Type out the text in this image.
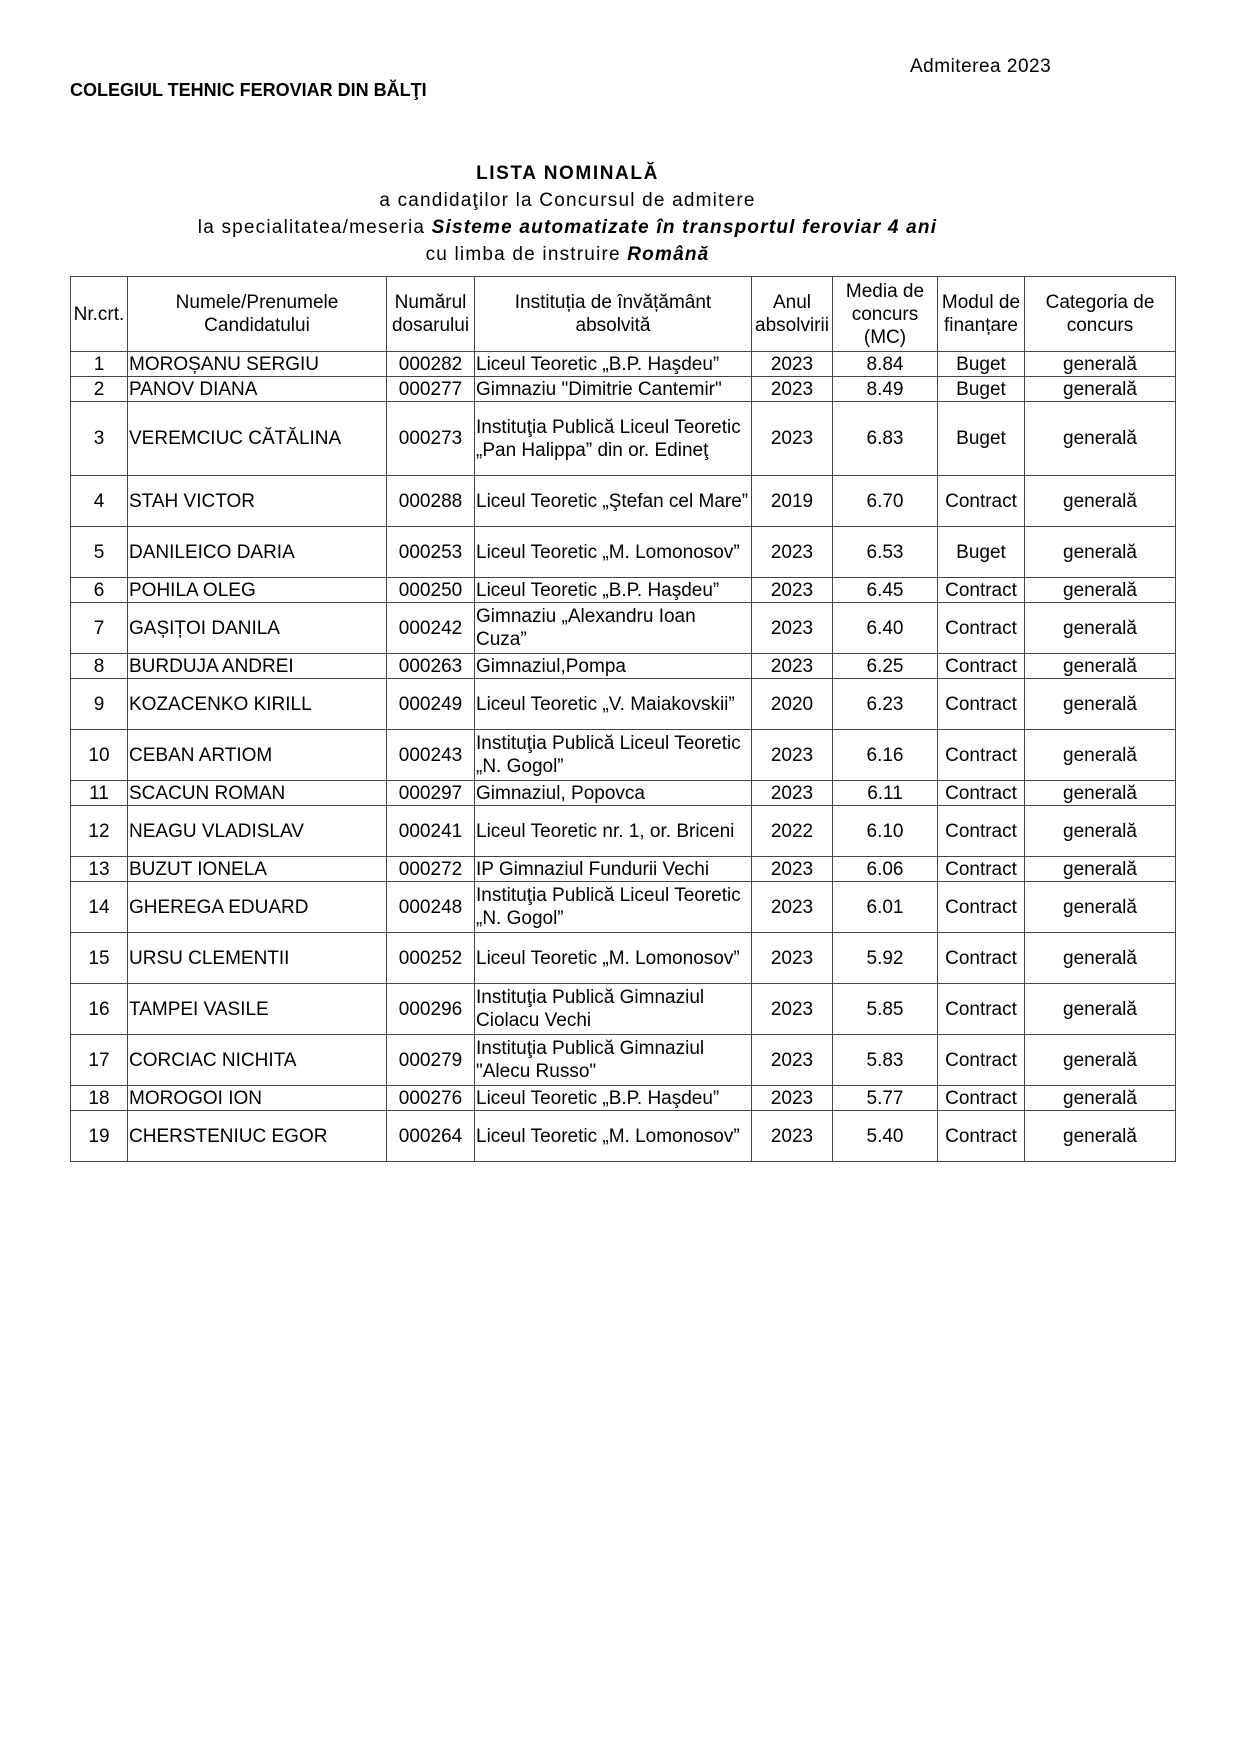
Admiterea 2023
COLEGIUL TEHNIC FEROVIAR DIN BĂLŢI
LISTA NOMINALĂ
a candidaţilor la Concursul de admitere
la specialitatea/meseria Sisteme automatizate în transportul feroviar 4 ani
cu limba de instruire Română
Nr.crt.	Numele/Prenumele Candidatului	Numărul dosarului	Instituția de învățământ absolvită	Anul absolvirii	Media de concurs (MC)	Modul de finanțare	Categoria de concurs
1	MOROȘANU SERGIU	000282	Liceul Teoretic „B.P. Haşdeu”	2023	8.84	Buget	generală
2	PANOV DIANA	000277	Gimnaziu "Dimitrie Cantemir"	2023	8.49	Buget	generală
3	VEREMCIUC CĂTĂLINA	000273	Instituţia Publică Liceul Teoretic „Pan Halippa” din or. Edineţ	2023	6.83	Buget	generală
4	STAH VICTOR	000288	Liceul Teoretic „Ştefan cel Mare”	2019	6.70	Contract	generală
5	DANILEICO DARIA	000253	Liceul Teoretic „M. Lomonosov”	2023	6.53	Buget	generală
6	POHILA OLEG	000250	Liceul Teoretic „B.P. Haşdeu”	2023	6.45	Contract	generală
7	GAȘIȚOI DANILA	000242	Gimnaziu „Alexandru Ioan Cuza”	2023	6.40	Contract	generală
8	BURDUJA ANDREI	000263	Gimnaziul,Pompa	2023	6.25	Contract	generală
9	KOZACENKO KIRILL	000249	Liceul Teoretic „V. Maiakovskii”	2020	6.23	Contract	generală
10	CEBAN ARTIOM	000243	Instituţia Publică Liceul Teoretic „N. Gogol”	2023	6.16	Contract	generală
11	SCACUN ROMAN	000297	Gimnaziul, Popovca	2023	6.11	Contract	generală
12	NEAGU VLADISLAV	000241	Liceul Teoretic nr. 1, or. Briceni	2022	6.10	Contract	generală
13	BUZUT IONELA	000272	IP Gimnaziul Fundurii Vechi	2023	6.06	Contract	generală
14	GHEREGA EDUARD	000248	Instituţia Publică Liceul Teoretic „N. Gogol”	2023	6.01	Contract	generală
15	URSU CLEMENTII	000252	Liceul Teoretic „M. Lomonosov”	2023	5.92	Contract	generală
16	TAMPEI VASILE	000296	Instituţia Publică Gimnaziul Ciolacu Vechi	2023	5.85	Contract	generală
17	CORCIAC NICHITA	000279	Instituţia Publică Gimnaziul "Alecu Russo"	2023	5.83	Contract	generală
18	MOROGOI ION	000276	Liceul Teoretic „B.P. Haşdeu”	2023	5.77	Contract	generală
19	CHERSTENIUC EGOR	000264	Liceul Teoretic „M. Lomonosov”	2023	5.40	Contract	generală
